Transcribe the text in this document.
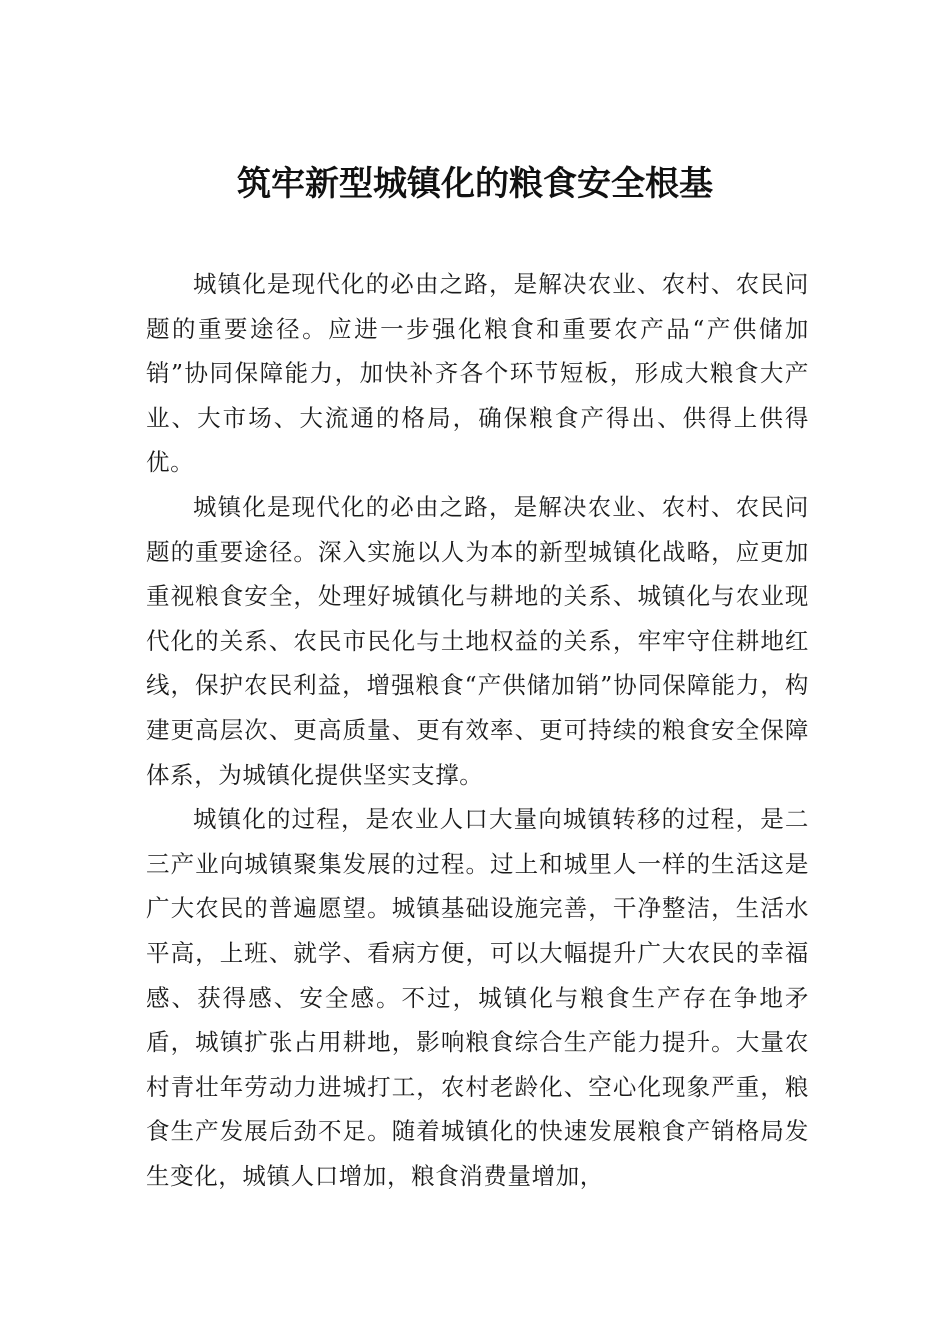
筑牢新型城镇化的粮食安全根基

城镇化是现代化的必由之路，是解决农业、农村、农民问题的重要途径。应进一步强化粮食和重要农产品“产供储加销”协同保障能力，加快补齐各个环节短板，形成大粮食大产业、大市场、大流通的格局，确保粮食产得出、供得上供得优。

城镇化是现代化的必由之路，是解决农业、农村、农民问题的重要途径。深入实施以人为本的新型城镇化战略，应更加重视粮食安全，处理好城镇化与耕地的关系、城镇化与农业现代化的关系、农民市民化与土地权益的关系，牢牢守住耕地红线，保护农民利益，增强粮食“产供储加销”协同保障能力，构建更高层次、更高质量、更有效率、更可持续的粮食安全保障体系，为城镇化提供坚实支撑。

城镇化的过程，是农业人口大量向城镇转移的过程，是二三产业向城镇聚集发展的过程。过上和城里人一样的生活这是广大农民的普遍愿望。城镇基础设施完善，干净整洁，生活水平高，上班、就学、看病方便，可以大幅提升广大农民的幸福感、获得感、安全感。不过，城镇化与粮食生产存在争地矛盾，城镇扩张占用耕地，影响粮食综合生产能力提升。大量农村青壮年劳动力进城打工，农村老龄化、空心化现象严重，粮食生产发展后劲不足。随着城镇化的快速发展粮食产销格局发生变化，城镇人口增加，粮食消费量增加，
